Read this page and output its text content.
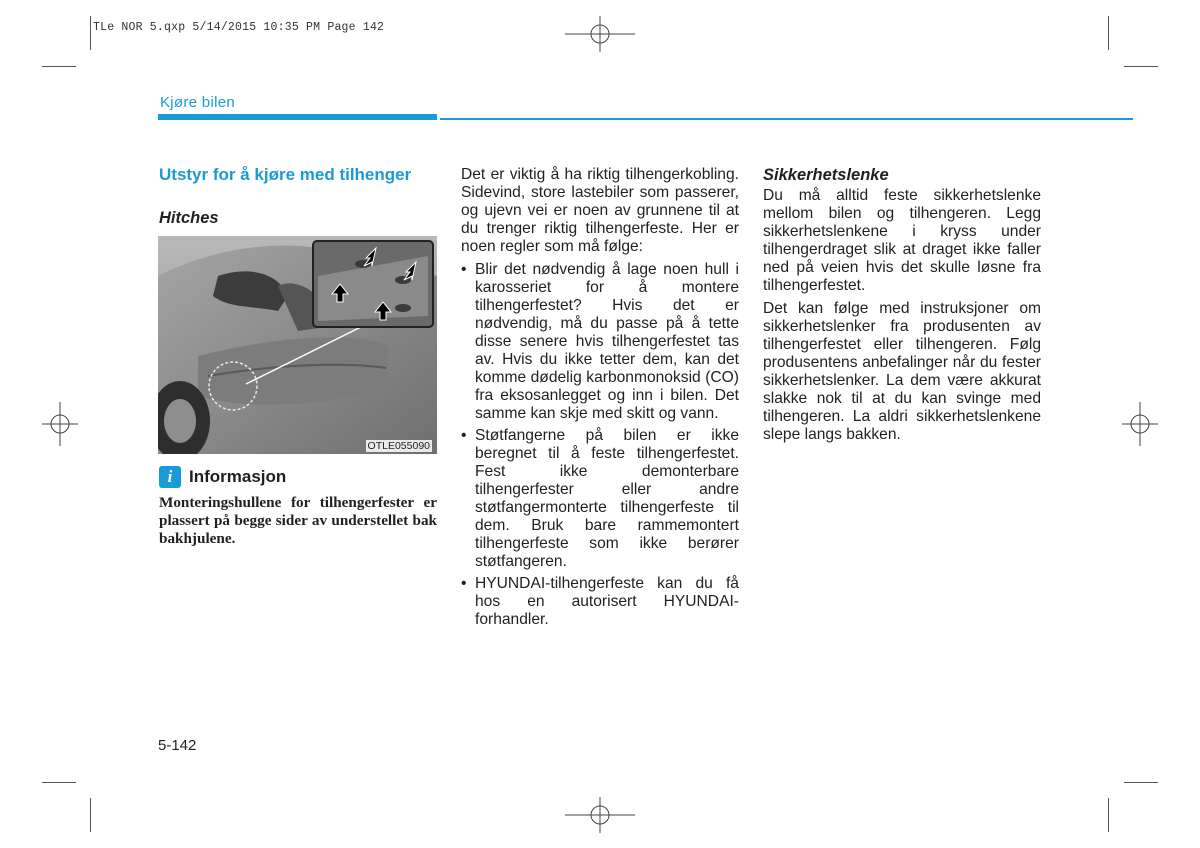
TLe NOR 5.qxp 5/14/2015 10:35 PM Page 142
Kjøre bilen
Utstyr for å kjøre med tilhenger
Hitches
OTLE055090
i Informasjon
Monteringshullene for tilhengerfester er plassert på begge sider av understellet bak bakhjulene.

Det er viktig å ha riktig tilhengerkobling. Sidevind, store lastebiler som passerer, og ujevn vei er noen av grunnene til at du trenger riktig tilhengerfeste. Her er noen regler som må følge:

• Blir det nødvendig å lage noen hull i karosseriet for å montere tilhengerfestet? Hvis det er nødvendig, må du passe på å tette disse senere hvis tilhengerfestet tas av. Hvis du ikke tetter dem, kan det komme dødelig karbonmonoksid (CO) fra eksosanlegget og inn i bilen. Det samme kan skje med skitt og vann.
• Støtfangerne på bilen er ikke beregnet til å feste tilhengerfestet. Fest ikke demonterbare tilhengerfester eller andre støtfangermonterte tilhengerfeste til dem. Bruk bare rammemontert tilhengerfeste som ikke berører støtfangeren.
• HYUNDAI-tilhengerfeste kan du få hos en autorisert HYUNDAI-forhandler.
Sikkerhetslenke

Du må alltid feste sikkerhetslenke mellom bilen og tilhengeren. Legg sikkerhetslenkene i kryss under tilhengerdraget slik at draget ikke faller ned på veien hvis det skulle løsne fra tilhengerfestet.

Det kan følge med instruksjoner om sikkerhetslenker fra produsenten av tilhengerfestet eller tilhengeren. Følg produsentens anbefalinger når du fester sikkerhetslenker. La dem være akkurat slakke nok til at du kan svinge med tilhengeren. La aldri sikkerhetslenkene slepe langs bakken.

5-142
